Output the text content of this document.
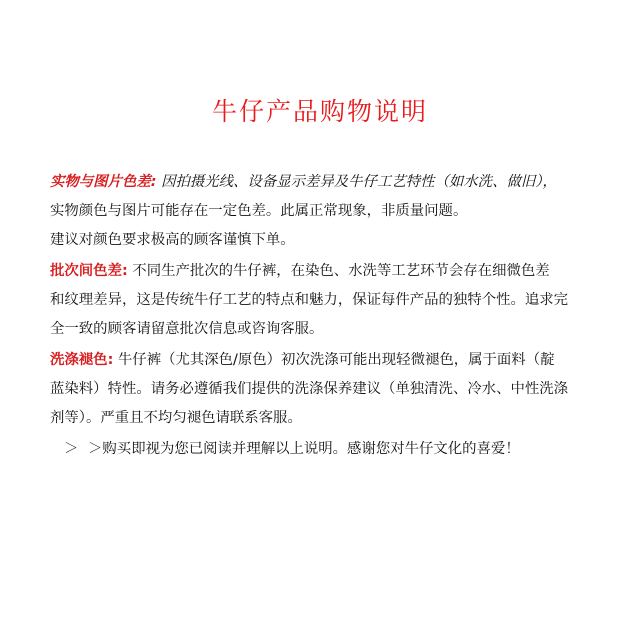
牛仔产品购物说明
实物与图片色差: 因拍摄光线、设备显示差异及牛仔工艺特性（如水洗、做旧），
实物颜色与图片可能存在一定色差。此属正常现象，非质量问题。
建议对颜色要求极高的顾客谨慎下单。
批次间色差: 不同生产批次的牛仔裤，在染色、水洗等工艺环节会存在细微色差
和纹理差异，这是传统牛仔工艺的特点和魅力，保证每件产品的独特个性。追求完
全一致的顾客请留意批次信息或咨询客服。
洗涤褪色: 牛仔裤（尤其深色/原色）初次洗涤可能出现轻微褪色，属于面料（靛
蓝染料）特性。请务必遵循我们提供的洗涤保养建议（单独清洗、冷水、中性洗涤
剂等）。严重且不均匀褪色请联系客服。
＞ ＞购买即视为您已阅读并理解以上说明。感谢您对牛仔文化的喜爱！
